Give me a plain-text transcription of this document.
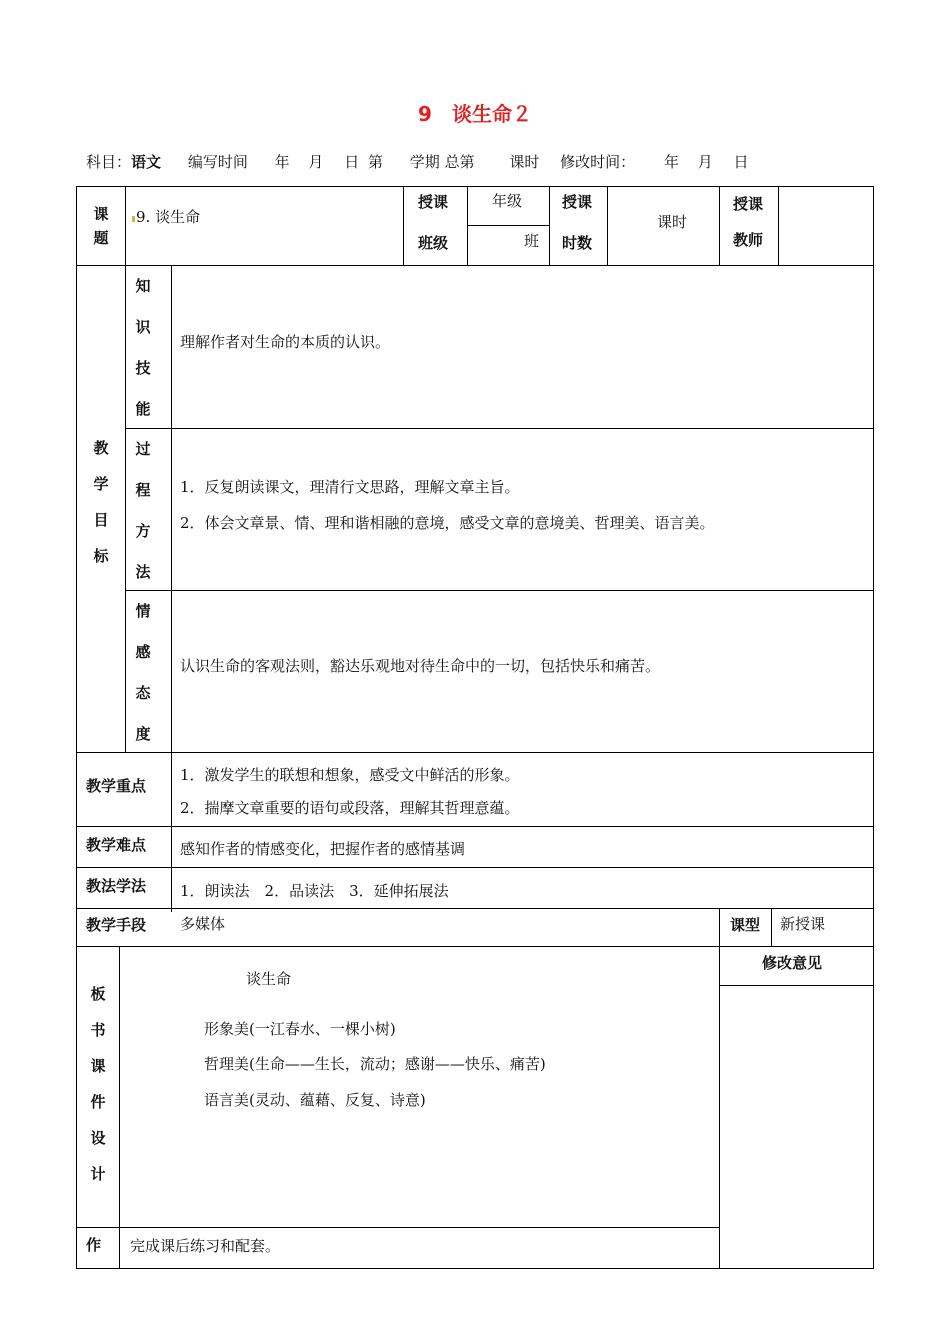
9　谈生命２
科目：语文 编写时间 年 月 日 第 学期 总第 课时 修改时间： 年 月 日
课
题
9. 谈生命
授课
班级
年级
班
授课
时数
课时
授课
教师
教
学
目
标
知
识
技
能
理解作者对生命的本质的认识。
过
程
方
法
1．反复朗读课文，理清行文思路，理解文章主旨。
2．体会文章景、情、理和谐相融的意境，感受文章的意境美、哲理美、语言美。
情
感
态
度
认识生命的客观法则，豁达乐观地对待生命中的一切，包括快乐和痛苦。
教学重点
1．激发学生的联想和想象，感受文中鲜活的形象。
2．揣摩文章重要的语句或段落，理解其哲理意蕴。
教学难点 感知作者的情感变化，把握作者的感情基调
教法学法 1．朗读法　2．品读法　3．延伸拓展法
教学手段 多媒体	课型 新授课
板
书
课
件
设
计
谈生命
形象美(一江春水、一棵小树)
哲理美(生命——生长，流动；感谢——快乐、痛苦)
语言美(灵动、蕴藉、反复、诗意)
修改意见
作 完成课后练习和配套。
